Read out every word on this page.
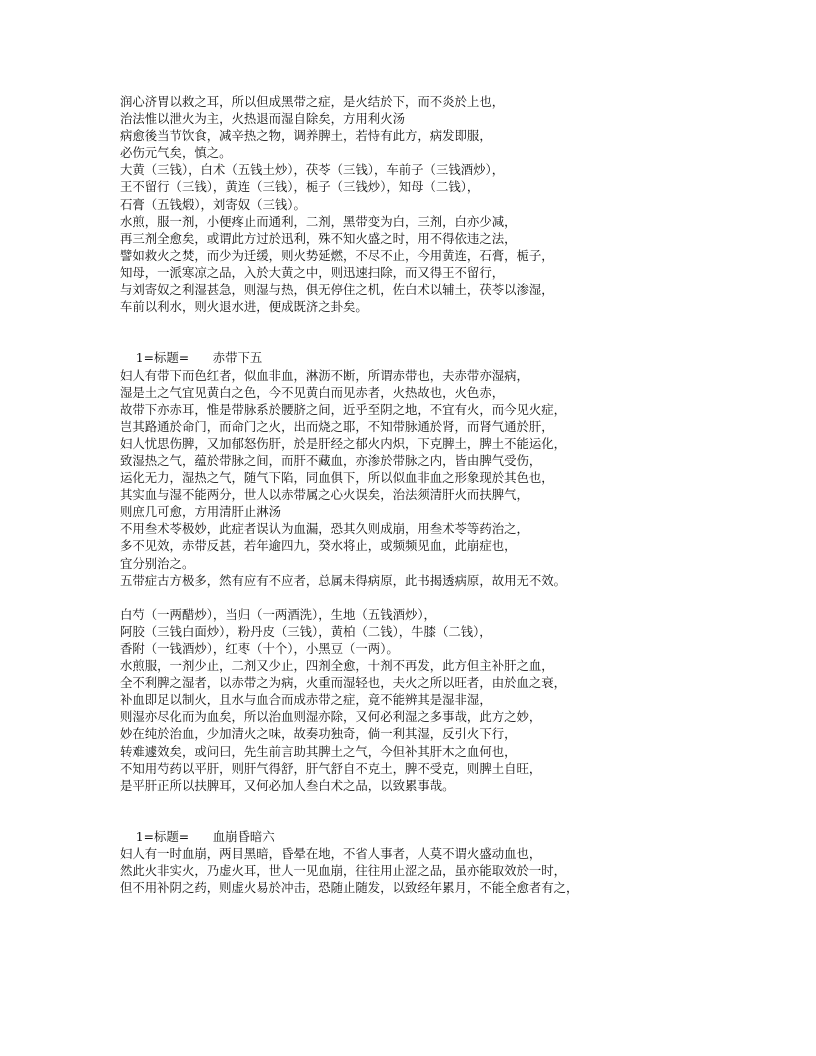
润心济胃以救之耳，所以但成黑带之症，是火结於下，而不炎於上也，
治法惟以泄火为主，火热退而湿自除矣，方用利火汤
病愈後当节饮食，减辛热之物，调养脾土，若恃有此方，病发即服，
必伤元气矣，慎之。
大黄（三钱），白术（五钱土炒），茯苓（三钱），车前子（三钱酒炒），
王不留行（三钱），黄连（三钱），栀子（三钱炒），知母（二钱），
石膏（五钱煅），刘寄奴（三钱）。
水煎，服一剂，小便疼止而通利，二剂，黑带变为白，三剂，白亦少减，
再三剂全愈矣，或谓此方过於迅利，殊不知火盛之时，用不得依违之法，
譬如救火之焚，而少为迁缓，则火势延燃，不尽不止，今用黄连，石膏，栀子，
知母，一派寒凉之品，入於大黄之中，则迅速扫除，而又得王不留行，
与刘寄奴之利湿甚急，则湿与热，俱无停住之机，佐白术以辅土，茯苓以渗湿，
车前以利水，则火退水进，便成既济之卦矣。

1=标题= 赤带下五

妇人有带下而色红者，似血非血，淋沥不断，所谓赤带也，夫赤带亦湿病，
湿是土之气宜见黄白之色，今不见黄白而见赤者，火热故也，火色赤，
故带下亦赤耳，惟是带脉系於腰脐之间，近乎至阴之地，不宜有火，而今见火症，
岂其路通於命门，而命门之火，出而烧之耶，不知带脉通於肾，而肾气通於肝，
妇人忧思伤脾，又加郁怒伤肝，於是肝经之郁火内炽，下克脾土，脾土不能运化，
致湿热之气，蕴於带脉之间，而肝不藏血，亦渗於带脉之内，皆由脾气受伤，
运化无力，湿热之气，随气下陷，同血俱下，所以似血非血之形象现於其色也，
其实血与湿不能两分，世人以赤带属之心火误矣，治法须清肝火而扶脾气，
则庶几可愈，方用清肝止淋汤
不用叁术苓极妙，此症者误认为血漏，恐其久则成崩，用叁术苓等药治之，
多不见效，赤带反甚，若年逾四九，癸水将止，或频频见血，此崩症也，
宜分别治之。
五带症古方极多，然有应有不应者，总属未得病原，此书揭透病原，故用无不效。
白芍（一两醋炒），当归（一两酒洗），生地（五钱酒炒），
阿胶（三钱白面炒），粉丹皮（三钱），黄柏（二钱），牛膝（二钱），
香附（一钱酒炒），红枣（十个），小黑豆（一两）。
水煎服，一剂少止，二剂又少止，四剂全愈，十剂不再发，此方但主补肝之血，
全不利脾之湿者，以赤带之为病，火重而湿轻也，夫火之所以旺者，由於血之衰，
补血即足以制火，且水与血合而成赤带之症，竟不能辨其是湿非湿，
则湿亦尽化而为血矣，所以治血则湿亦除，又何必利湿之多事哉，此方之妙，
妙在纯於治血，少加清火之味，故奏功独奇，倘一利其湿，反引火下行，
转难遽效矣，或问曰，先生前言助其脾土之气，今但补其肝木之血何也，
不知用芍药以平肝，则肝气得舒，肝气舒自不克土，脾不受克，则脾土自旺，
是平肝正所以扶脾耳，又何必加人叁白术之品，以致累事哉。

1=标题= 血崩昏暗六

妇人有一时血崩，两目黑暗，昏晕在地，不省人事者，人莫不谓火盛动血也，
然此火非实火，乃虚火耳，世人一见血崩，往往用止涩之品，虽亦能取效於一时，
但不用补阴之药，则虚火易於冲击，恐随止随发，以致经年累月，不能全愈者有之，
